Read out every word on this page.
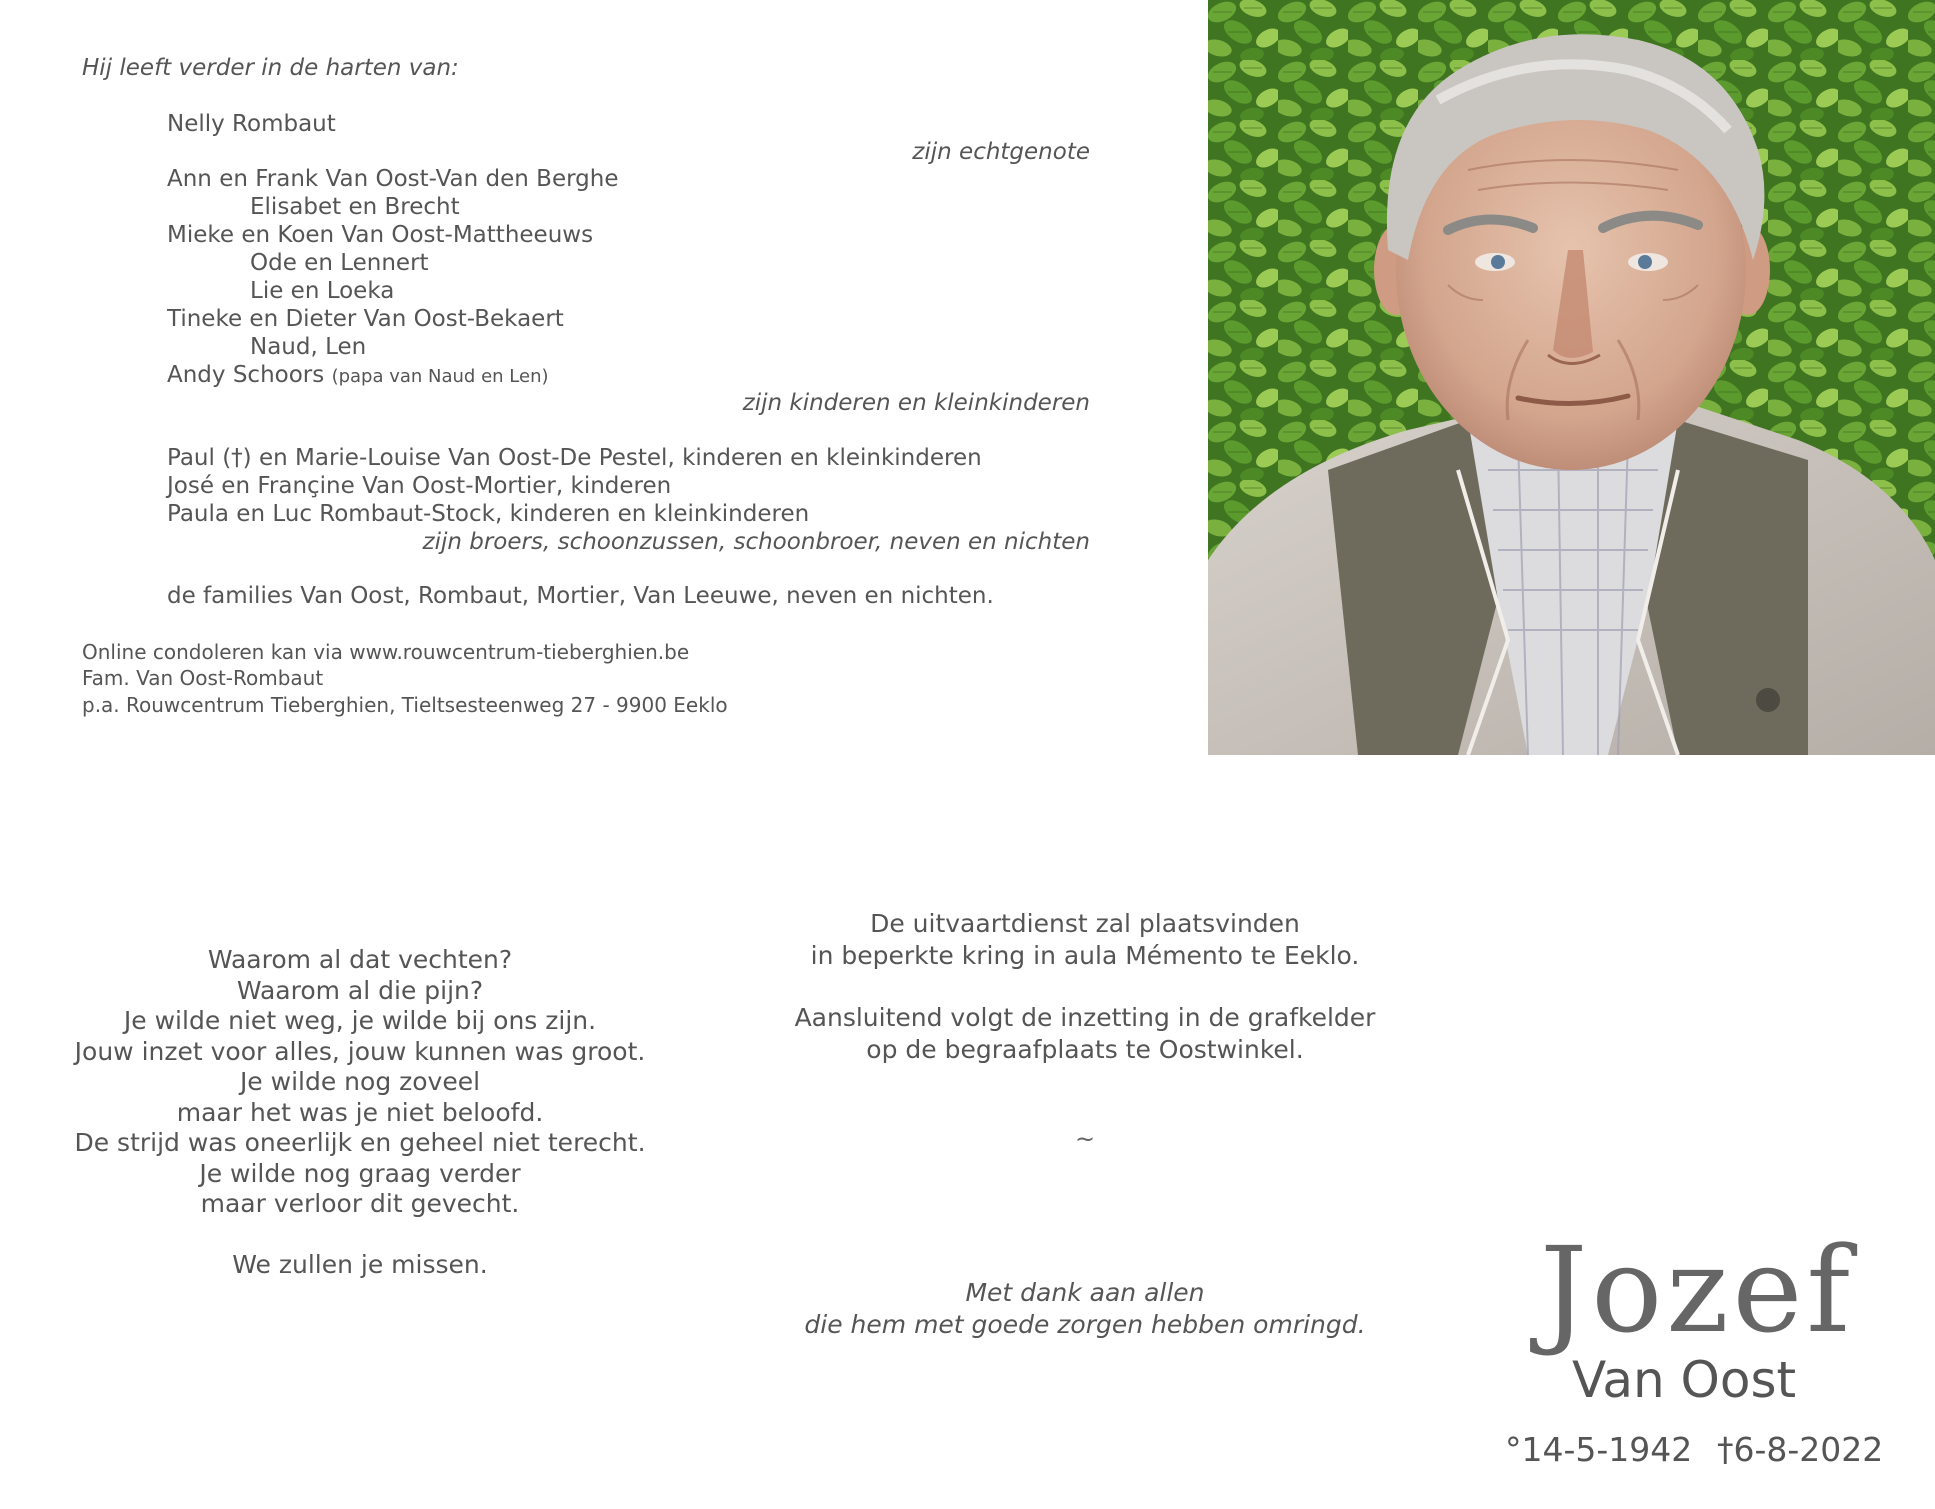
Hij leeft verder in de harten van:
Nelly Rombaut
zijn echtgenote
Ann en Frank Van Oost-Van den Berghe
Elisabet en Brecht
Mieke en Koen Van Oost-Mattheeuws
Ode en Lennert
Lie en Loeka
Tineke en Dieter Van Oost-Bekaert
Naud, Len
Andy Schoors (papa van Naud en Len)
zijn kinderen en kleinkinderen
Paul (†) en Marie-Louise Van Oost-De Pestel, kinderen en kleinkinderen
José en Françine Van Oost-Mortier, kinderen
Paula en Luc Rombaut-Stock, kinderen en kleinkinderen
zijn broers, schoonzussen, schoonbroer, neven en nichten
de families Van Oost, Rombaut, Mortier, Van Leeuwe, neven en nichten.
Online condoleren kan via www.rouwcentrum-tieberghien.be
Fam. Van Oost-Rombaut
p.a. Rouwcentrum Tieberghien, Tieltsesteenweg 27 - 9900 Eeklo
Waarom al dat vechten?
Waarom al die pijn?
Je wilde niet weg, je wilde bij ons zijn.
Jouw inzet voor alles, jouw kunnen was groot.
Je wilde nog zoveel
maar het was je niet beloofd.
De strijd was oneerlijk en geheel niet terecht.
Je wilde nog graag verder
maar verloor dit gevecht.
We zullen je missen.
De uitvaartdienst zal plaatsvinden
in beperkte kring in aula Mémento te Eeklo.
Aansluitend volgt de inzetting in de grafkelder
op de begraafplaats te Oostwinkel.
~
Met dank aan allen
die hem met goede zorgen hebben omringd. Jozef
Van Oost
°14-5-1942 †6-8-2022
